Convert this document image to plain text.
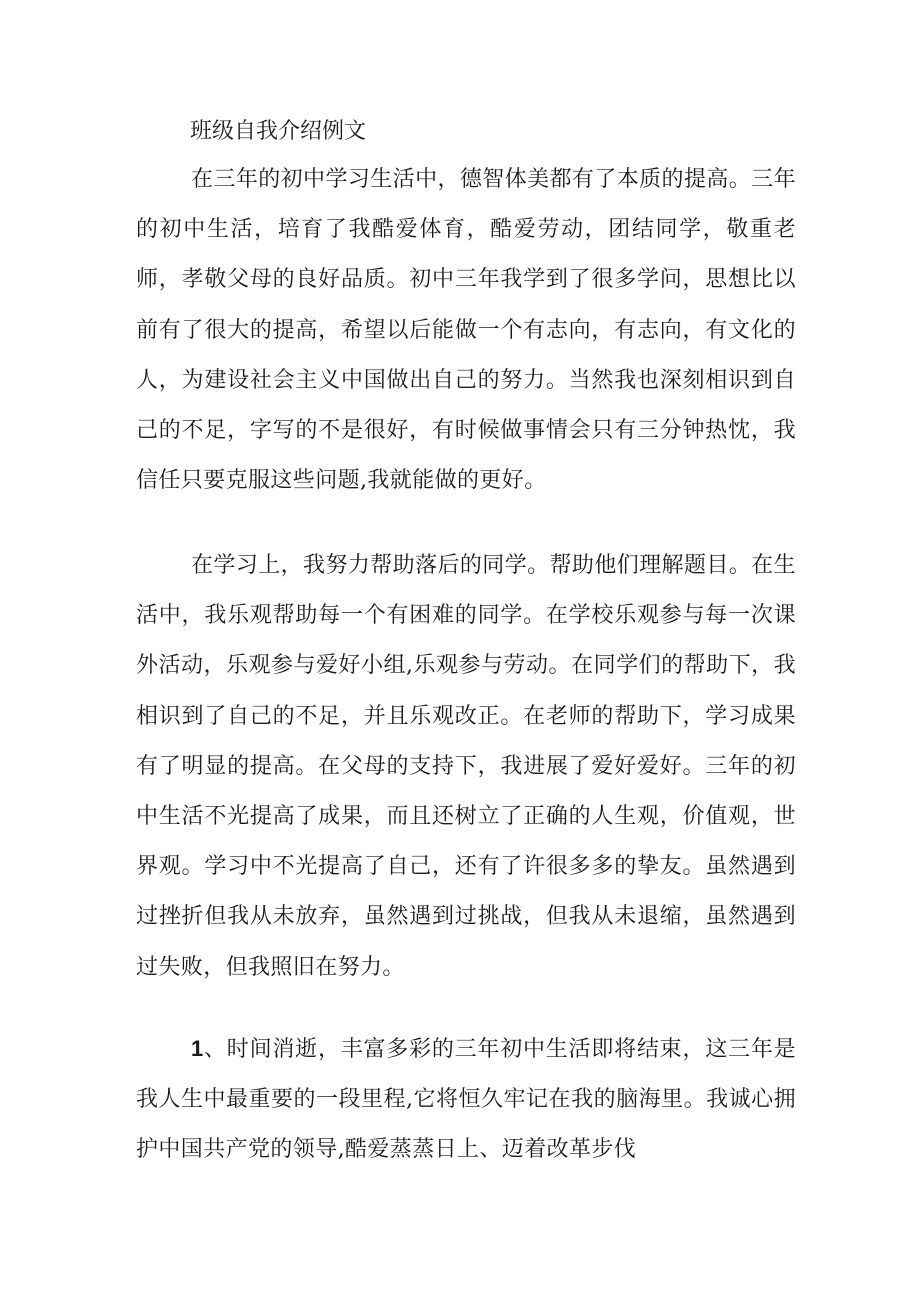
班级自我介绍例文

在三年的初中学习生活中，德智体美都有了本质的提高。三年的初中生活，培育了我酷爱体育，酷爱劳动，团结同学，敬重老师，孝敬父母的良好品质。初中三年我学到了很多学问，思想比以前有了很大的提高，希望以后能做一个有志向，有志向，有文化的人，为建设社会主义中国做出自己的努力。当然我也深刻相识到自己的不足，字写的不是很好，有时候做事情会只有三分钟热忱，我信任只要克服这些问题,我就能做的更好。

在学习上，我努力帮助落后的同学。帮助他们理解题目。在生活中，我乐观帮助每一个有困难的同学。在学校乐观参与每一次课外活动，乐观参与爱好小组,乐观参与劳动。在同学们的帮助下，我相识到了自己的不足，并且乐观改正。在老师的帮助下，学习成果有了明显的提高。在父母的支持下，我进展了爱好爱好。三年的初中生活不光提高了成果，而且还树立了正确的人生观，价值观，世界观。学习中不光提高了自己，还有了许很多多的挚友。虽然遇到过挫折但我从未放弃，虽然遇到过挑战，但我从未退缩，虽然遇到过失败，但我照旧在努力。

1、时间消逝，丰富多彩的三年初中生活即将结束，这三年是我人生中最重要的一段里程,它将恒久牢记在我的脑海里。我诚心拥护中国共产党的领导,酷爱蒸蒸日上、迈着改革步伐
